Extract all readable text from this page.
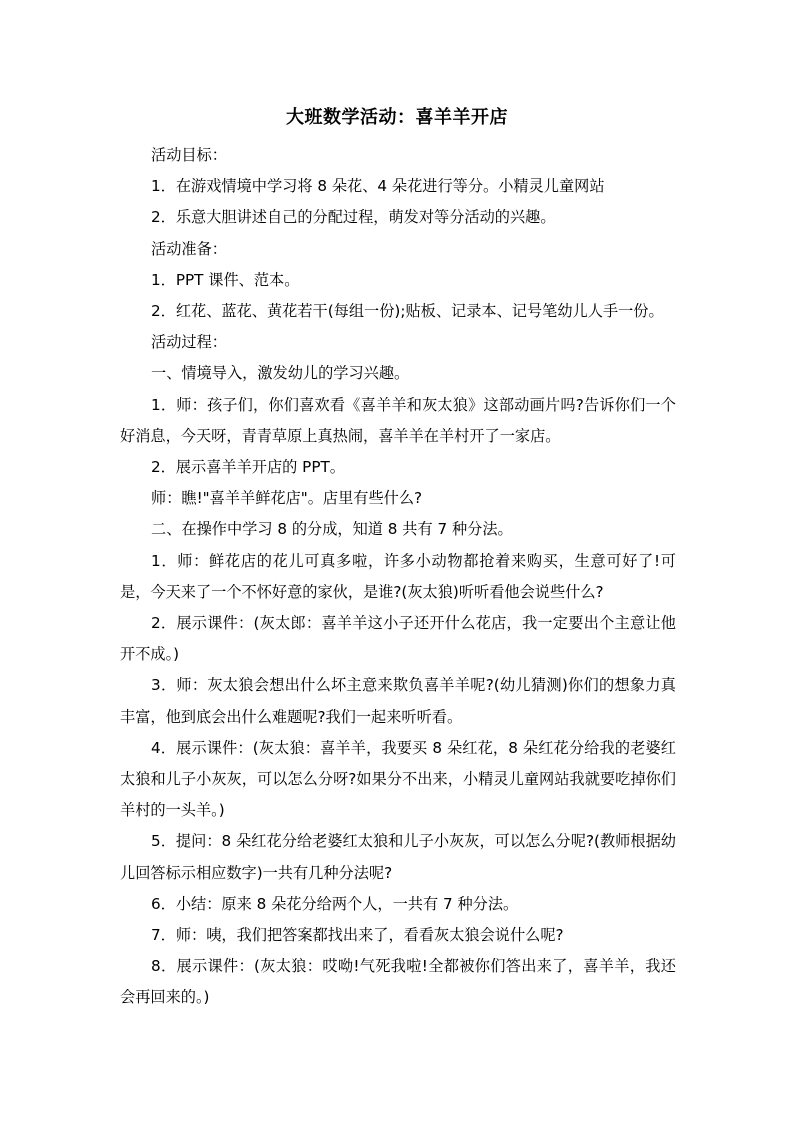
大班数学活动：喜羊羊开店

活动目标：

1．在游戏情境中学习将 8 朵花、4 朵花进行等分。小精灵儿童网站

2．乐意大胆讲述自己的分配过程，萌发对等分活动的兴趣。

活动准备：

1．PPT 课件、范本。

2．红花、蓝花、黄花若干(每组一份);贴板、记录本、记号笔幼儿人手一份。

活动过程：

一、情境导入，激发幼儿的学习兴趣。

1．师：孩子们，你们喜欢看《喜羊羊和灰太狼》这部动画片吗?告诉你们一个好消息，今天呀，青青草原上真热闹，喜羊羊在羊村开了一家店。

2．展示喜羊羊开店的 PPT。

师：瞧!"喜羊羊鲜花店"。店里有些什么?

二、在操作中学习 8 的分成，知道 8 共有 7 种分法。

1．师：鲜花店的花儿可真多啦，许多小动物都抢着来购买，生意可好了!可是，今天来了一个不怀好意的家伙，是谁?(灰太狼)听听看他会说些什么?

2．展示课件：(灰太郎：喜羊羊这小子还开什么花店，我一定要出个主意让他开不成。)

3．师：灰太狼会想出什么坏主意来欺负喜羊羊呢?(幼儿猜测)你们的想象力真丰富，他到底会出什么难题呢?我们一起来听听看。

4．展示课件：(灰太狼：喜羊羊，我要买 8 朵红花，8 朵红花分给我的老婆红太狼和儿子小灰灰，可以怎么分呀?如果分不出来，小精灵儿童网站我就要吃掉你们羊村的一头羊。)

5．提问：8 朵红花分给老婆红太狼和儿子小灰灰，可以怎么分呢?(教师根据幼儿回答标示相应数字)一共有几种分法呢?

6．小结：原来 8 朵花分给两个人，一共有 7 种分法。

7．师：咦，我们把答案都找出来了，看看灰太狼会说什么呢?

8．展示课件：(灰太狼：哎呦!气死我啦!全都被你们答出来了，喜羊羊，我还会再回来的。)
